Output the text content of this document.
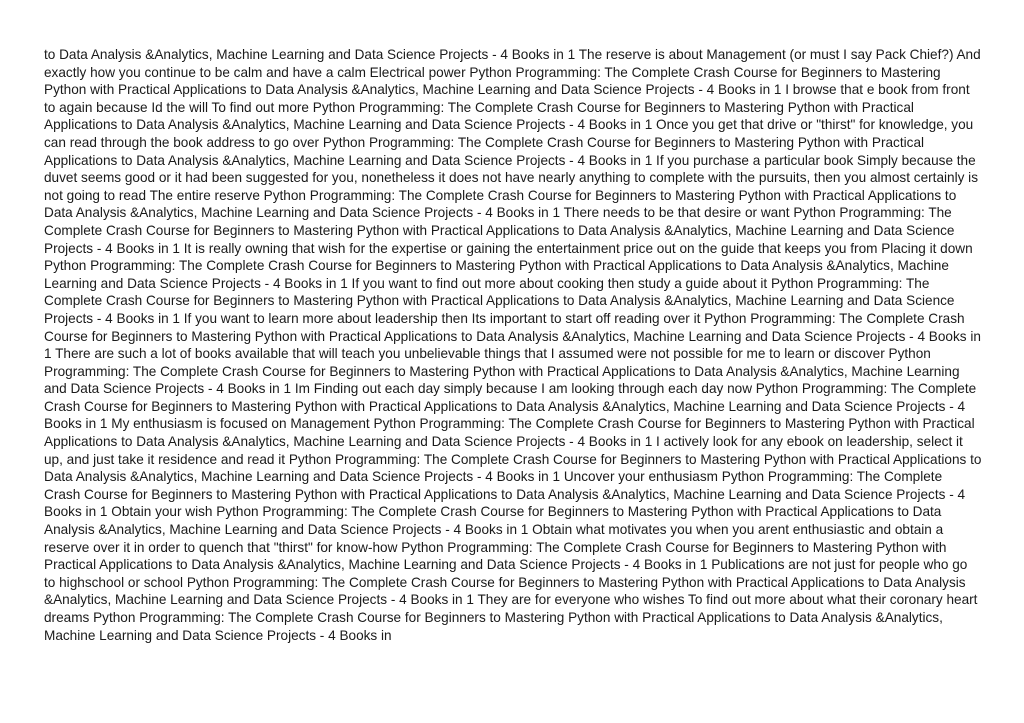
to Data Analysis &Analytics, Machine Learning and Data Science Projects - 4 Books in 1 The reserve is about Management (or must I say Pack Chief?) And exactly how you continue to be calm and have a calm Electrical power Python Programming: The Complete Crash Course for Beginners to Mastering Python with Practical Applications to Data Analysis &Analytics, Machine Learning and Data Science Projects - 4 Books in 1 I browse that e book from front to again because Id the will To find out more Python Programming: The Complete Crash Course for Beginners to Mastering Python with Practical Applications to Data Analysis &Analytics, Machine Learning and Data Science Projects - 4 Books in 1 Once you get that drive or "thirst" for knowledge, you can read through the book address to go over Python Programming: The Complete Crash Course for Beginners to Mastering Python with Practical Applications to Data Analysis &Analytics, Machine Learning and Data Science Projects - 4 Books in 1 If you purchase a particular book Simply because the duvet seems good or it had been suggested for you, nonetheless it does not have nearly anything to complete with the pursuits, then you almost certainly is not going to read The entire reserve Python Programming: The Complete Crash Course for Beginners to Mastering Python with Practical Applications to Data Analysis &Analytics, Machine Learning and Data Science Projects - 4 Books in 1 There needs to be that desire or want Python Programming: The Complete Crash Course for Beginners to Mastering Python with Practical Applications to Data Analysis &Analytics, Machine Learning and Data Science Projects - 4 Books in 1 It is really owning that wish for the expertise or gaining the entertainment price out on the guide that keeps you from Placing it down Python Programming: The Complete Crash Course for Beginners to Mastering Python with Practical Applications to Data Analysis &Analytics, Machine Learning and Data Science Projects - 4 Books in 1 If you want to find out more about cooking then study a guide about it Python Programming: The Complete Crash Course for Beginners to Mastering Python with Practical Applications to Data Analysis &Analytics, Machine Learning and Data Science Projects - 4 Books in 1 If you want to learn more about leadership then Its important to start off reading over it Python Programming: The Complete Crash Course for Beginners to Mastering Python with Practical Applications to Data Analysis &Analytics, Machine Learning and Data Science Projects - 4 Books in 1 There are such a lot of books available that will teach you unbelievable things that I assumed were not possible for me to learn or discover Python Programming: The Complete Crash Course for Beginners to Mastering Python with Practical Applications to Data Analysis &Analytics, Machine Learning and Data Science Projects - 4 Books in 1 Im Finding out each day simply because I am looking through each day now Python Programming: The Complete Crash Course for Beginners to Mastering Python with Practical Applications to Data Analysis &Analytics, Machine Learning and Data Science Projects - 4 Books in 1 My enthusiasm is focused on Management Python Programming: The Complete Crash Course for Beginners to Mastering Python with Practical Applications to Data Analysis &Analytics, Machine Learning and Data Science Projects - 4 Books in 1 I actively look for any ebook on leadership, select it up, and just take it residence and read it Python Programming: The Complete Crash Course for Beginners to Mastering Python with Practical Applications to Data Analysis &Analytics, Machine Learning and Data Science Projects - 4 Books in 1 Uncover your enthusiasm Python Programming: The Complete Crash Course for Beginners to Mastering Python with Practical Applications to Data Analysis &Analytics, Machine Learning and Data Science Projects - 4 Books in 1 Obtain your wish Python Programming: The Complete Crash Course for Beginners to Mastering Python with Practical Applications to Data Analysis &Analytics, Machine Learning and Data Science Projects - 4 Books in 1 Obtain what motivates you when you arent enthusiastic and obtain a reserve over it in order to quench that "thirst" for know-how Python Programming: The Complete Crash Course for Beginners to Mastering Python with Practical Applications to Data Analysis &Analytics, Machine Learning and Data Science Projects - 4 Books in 1 Publications are not just for people who go to highschool or school Python Programming: The Complete Crash Course for Beginners to Mastering Python with Practical Applications to Data Analysis &Analytics, Machine Learning and Data Science Projects - 4 Books in 1 They are for everyone who wishes To find out more about what their coronary heart dreams Python Programming: The Complete Crash Course for Beginners to Mastering Python with Practical Applications to Data Analysis &Analytics, Machine Learning and Data Science Projects - 4 Books in
